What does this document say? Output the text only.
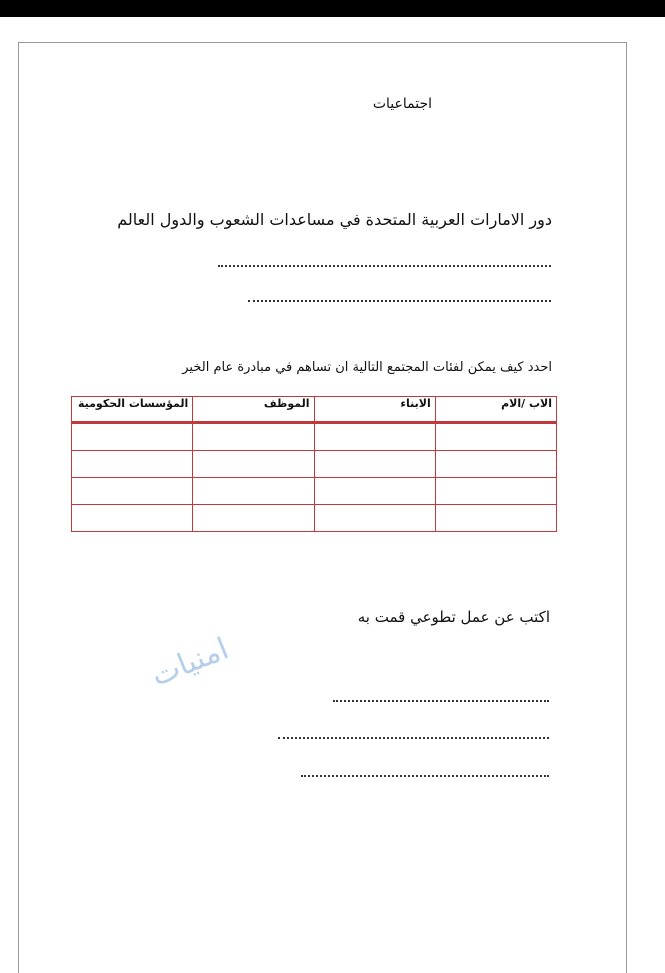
اجتماعيات
دور الامارات العربية المتحدة في مساعدات الشعوب والدول العالم
احدد كيف يمكن لفئات المجتمع التالية ان تساهم في مبادرة عام الخير
الاب /الام	الابناء	الموظف	المؤسسات الحكومية

اكتب عن عمل تطوعي قمت به
امنيات
